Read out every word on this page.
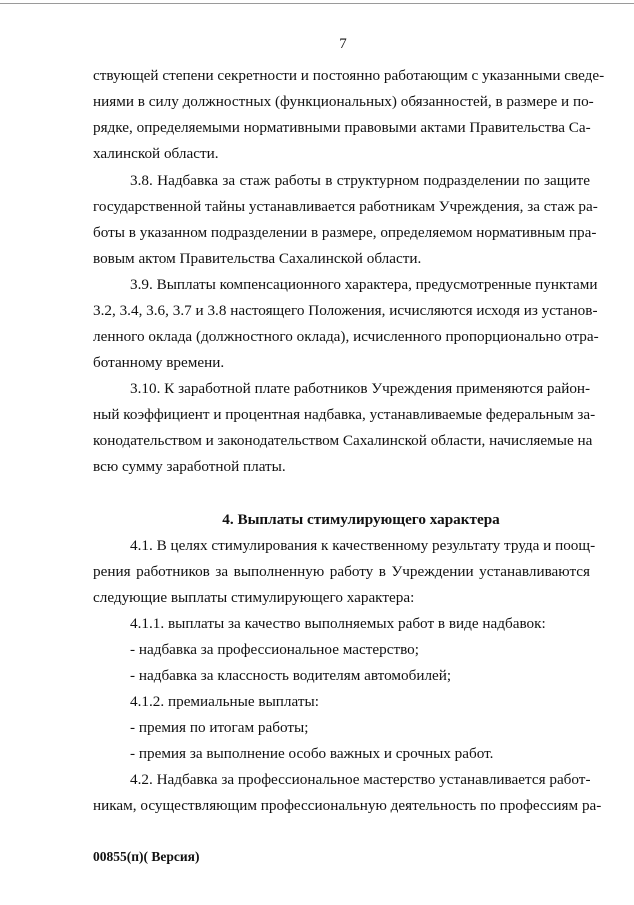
7

ствующей степени секретности и постоянно работающим с указанными сведе-

ниями в силу должностных (функциональных) обязанностей, в размере и по-

рядке, определяемыми нормативными правовыми актами Правительства Са-

халинской области.

3.8. Надбавка за стаж работы в структурном подразделении по защите

государственной тайны устанавливается работникам Учреждения, за стаж ра-

боты в указанном подразделении в размере, определяемом нормативным пра-

вовым актом Правительства Сахалинской области.

3.9. Выплаты компенсационного характера, предусмотренные пунктами

3.2, 3.4, 3.6, 3.7 и 3.8 настоящего Положения, исчисляются исходя из установ-

ленного оклада (должностного оклада), исчисленного пропорционально отра-

ботанному времени.

3.10. К заработной плате работников Учреждения применяются район-

ный коэффициент и процентная надбавка, устанавливаемые федеральным за-

конодательством и законодательством Сахалинской области, начисляемые на

всю сумму заработной платы.

4. Выплаты стимулирующего характера

4.1. В целях стимулирования к качественному результату труда и поощ-

рения работников за выполненную работу в Учреждении устанавливаются

следующие выплаты стимулирующего характера:

4.1.1. выплаты за качество выполняемых работ в виде надбавок:

- надбавка за профессиональное мастерство;

- надбавка за классность водителям автомобилей;

4.1.2. премиальные выплаты:

- премия по итогам работы;

- премия за выполнение особо важных и срочных работ.

4.2. Надбавка за профессиональное мастерство устанавливается работ-

никам, осуществляющим профессиональную деятельность по профессиям ра-

00855(п)( Версия)
